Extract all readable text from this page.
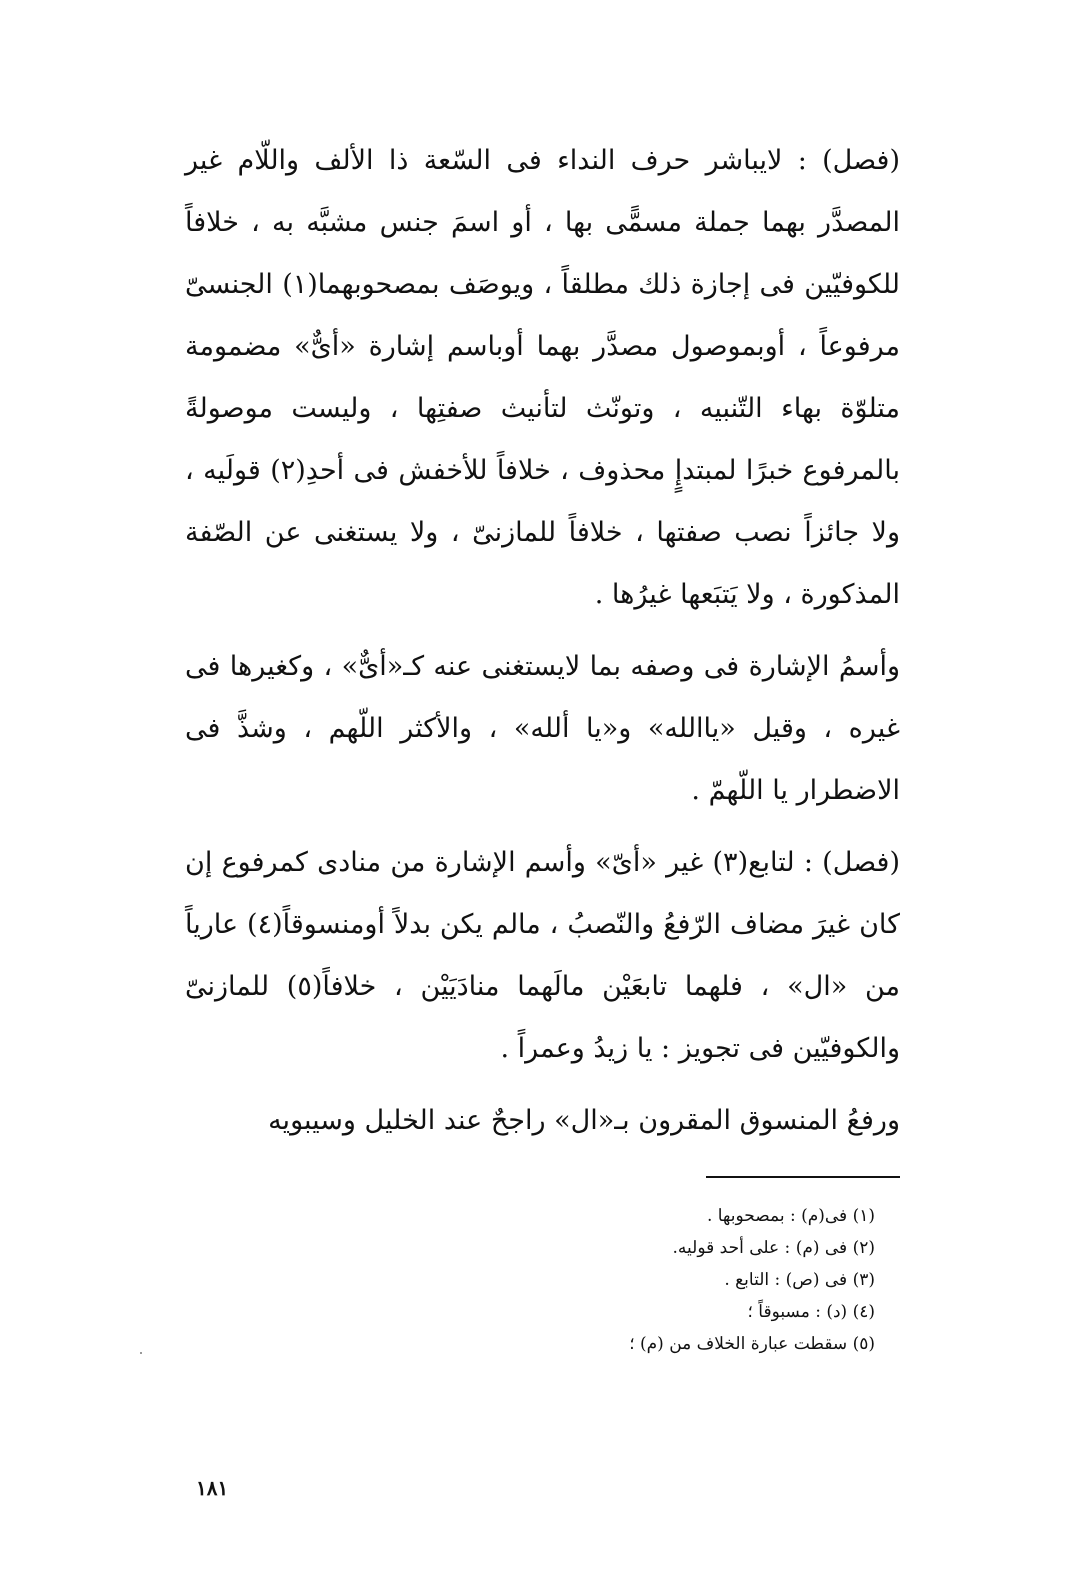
(فصل) : لايباشر حرف النداء فى السّعة ذا الألف واللّام غير المصدَّر بهما جملة مسمًّى بها ، أو اسمَ جنس مشبَّه به ، خلافاً للكوفيّين فى إجازة ذلك مطلقاً ، ويوصَف بمصحوبهما(١) الجنسىّ مرفوعاً ، أوبموصول مصدَّر بهما أوباسم إشارة «أىٌّ» مضمومة متلوّة بهاء التّنبيه ، وتونّث لتأنيث صفتِها ، وليست موصولةً بالمرفوع خبرًا لمبتدإٍ محذوف ، خلافاً للأخفش فى أحدِ(٢) قولَيه ، ولا جائزاً نصب صفتها ، خلافاً للمازنىّ ، ولا يستغنى عن الصّفة المذكورة ، ولا يَتبَعها غيرُها .

وأسمُ الإشارة فى وصفه بما لايستغنى عنه كـ«أىٌّ» ، وكغيرها فى غيره ، وقيل «ياالله» و«يا ألله» ، والأكثر اللّهم ، وشذَّ فى الاضطرار يا اللّهمّ .

(فصل) : لتابع(٣) غير «أىّ» وأسم الإشارة من منادى كمرفوع إن كان غيرَ مضاف الرّفعُ والنّصبُ ، مالم يكن بدلاً أومنسوقاً(٤) عارياً من «ال» ، فلهما تابعَيْن مالَهما منادَيَيْن ، خلافاً(٥) للمازنىّ والكوفيّين فى تجويز : يا زيدُ وعمراً .

ورفعُ المنسوق المقرون بـ«ال» راجحٌ عند الخليل وسيبويه

(١) فى(م) : بمصحوبها .
(٢) فى (م) : على أحد قوليه.
(٣) فى (ص) : التابع .
(٤) (د) : مسبوقاً ؛
(٥) سقطت عبارة الخلاف من (م) ؛
١٨١
